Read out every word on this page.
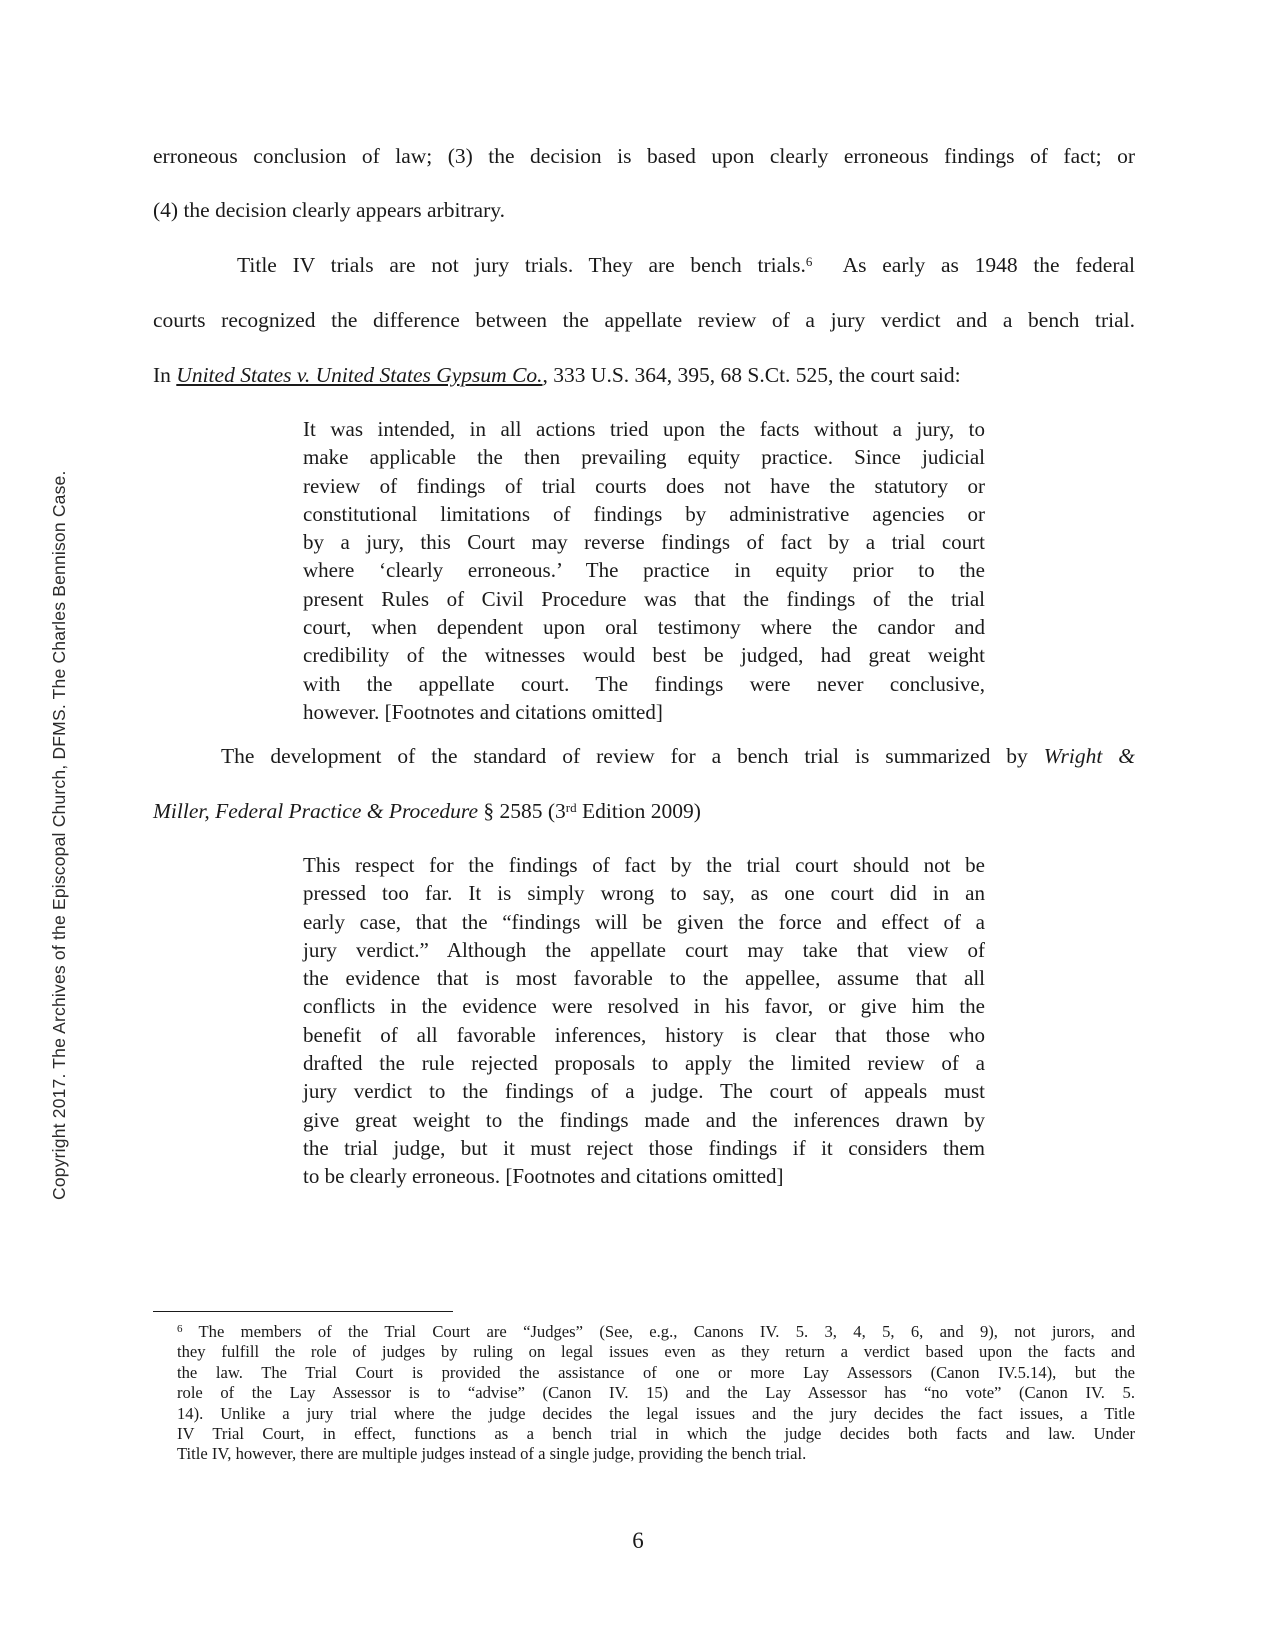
Copyright 2017. The Archives of the Episcopal Church, DFMS. The Charles Bennison Case.
erroneous conclusion of law; (3) the decision is based upon clearly erroneous findings of fact; or
(4) the decision clearly appears arbitrary.
Title IV trials are not jury trials. They are bench trials.$^6$  As early as 1948 the federal
courts recognized the difference between the appellate review of a jury verdict and a bench trial.
In United States v. United States Gypsum Co., 333 U.S. 364, 395, 68 S.Ct. 525, the court said:
It was intended, in all actions tried upon the facts without a jury, to
make applicable the then prevailing equity practice. Since judicial
review of findings of trial courts does not have the statutory or
constitutional limitations of findings by administrative agencies or
by a jury, this Court may reverse findings of fact by a trial court
where ‘clearly erroneous.’ The practice in equity prior to the
present Rules of Civil Procedure was that the findings of the trial
court, when dependent upon oral testimony where the candor and
credibility of the witnesses would best be judged, had great weight
with the appellate court. The findings were never conclusive,
however. [Footnotes and citations omitted]
The development of the standard of review for a bench trial is summarized by Wright &
Miller, Federal Practice & Procedure § 2585 (3rd Edition 2009)
This respect for the findings of fact by the trial court should not be
pressed too far. It is simply wrong to say, as one court did in an
early case, that the “findings will be given the force and effect of a
jury verdict.” Although the appellate court may take that view of
the evidence that is most favorable to the appellee, assume that all
conflicts in the evidence were resolved in his favor, or give him the
benefit of all favorable inferences, history is clear that those who
drafted the rule rejected proposals to apply the limited review of a
jury verdict to the findings of a judge. The court of appeals must
give great weight to the findings made and the inferences drawn by
the trial judge, but it must reject those findings if it considers them
to be clearly erroneous. [Footnotes and citations omitted]
$^6$ The members of the Trial Court are “Judges” (See, e.g., Canons IV. 5. 3, 4, 5, 6, and 9), not jurors, and
they fulfill the role of judges by ruling on legal issues even as they return a verdict based upon the facts and
the law. The Trial Court is provided the assistance of one or more Lay Assessors (Canon IV.5.14), but the
role of the Lay Assessor is to “advise” (Canon IV. 15) and the Lay Assessor has “no vote” (Canon IV. 5.
14). Unlike a jury trial where the judge decides the legal issues and the jury decides the fact issues, a Title
IV Trial Court, in effect, functions as a bench trial in which the judge decides both facts and law. Under
Title IV, however, there are multiple judges instead of a single judge, providing the bench trial.
6
